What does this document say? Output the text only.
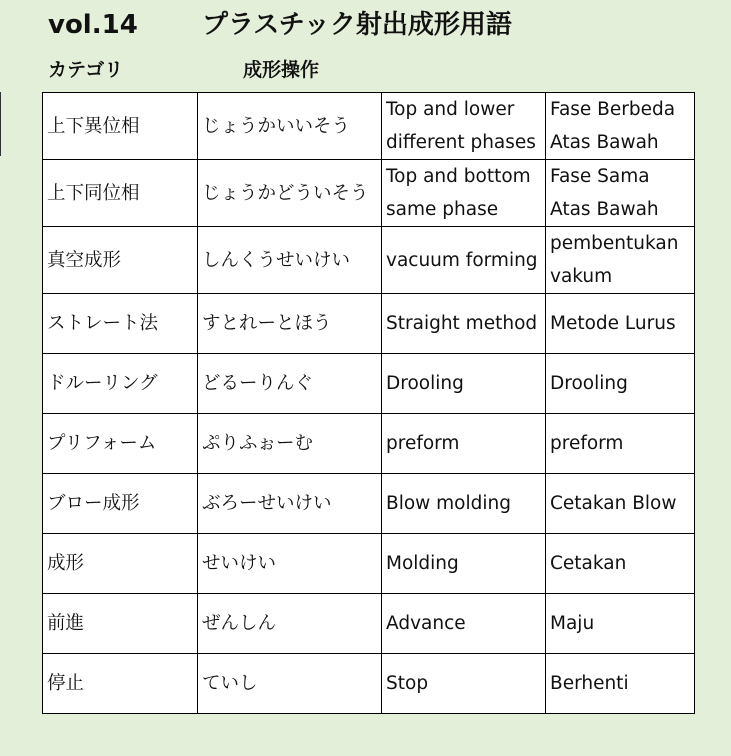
vol.14 プラスチック射出成形用語
カテゴリ	成形操作
上下異位相	じょうかいいそう	Top and lower different phases	Fase Berbeda Atas Bawah
上下同位相	じょうかどういそう	Top and bottom same phase	Fase Sama Atas Bawah
真空成形	しんくうせいけい	vacuum forming	pembentukan vakum
ストレート法	すとれーとほう	Straight method	Metode Lurus
ドルーリング	どるーりんぐ	Drooling	Drooling
プリフォーム	ぷりふぉーむ	preform	preform
ブロー成形	ぶろーせいけい	Blow molding	Cetakan Blow
成形	せいけい	Molding	Cetakan
前進	ぜんしん	Advance	Maju
停止	ていし	Stop	Berhenti
